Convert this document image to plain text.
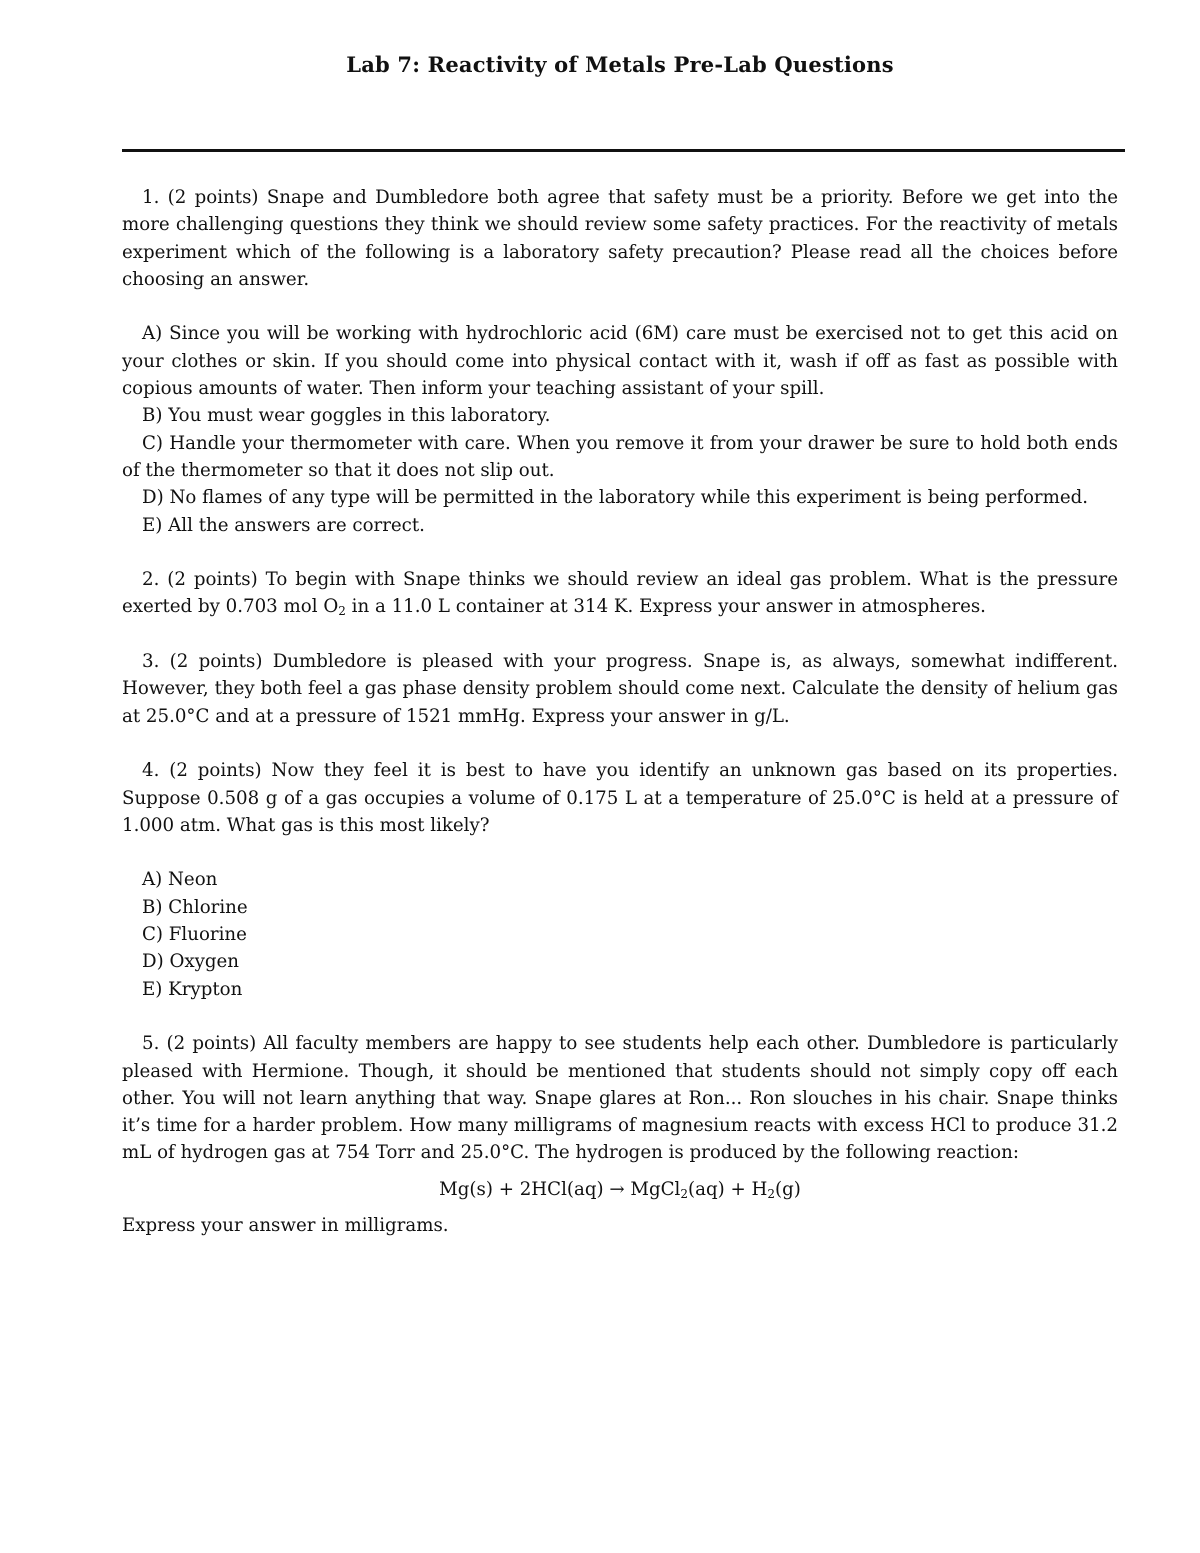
Lab 7: Reactivity of Metals Pre-Lab Questions

1. (2 points) Snape and Dumbledore both agree that safety must be a priority. Before we get into the more challenging questions they think we should review some safety practices. For the reactivity of metals experiment which of the following is a laboratory safety precaution? Please read all the choices before choosing an answer.

A) Since you will be working with hydrochloric acid (6M) care must be exercised not to get this acid on your clothes or skin. If you should come into physical contact with it, wash if off as fast as possible with copious amounts of water. Then inform your teaching assistant of your spill.

B) You must wear goggles in this laboratory.

C) Handle your thermometer with care. When you remove it from your drawer be sure to hold both ends of the thermometer so that it does not slip out.

D) No flames of any type will be permitted in the laboratory while this experiment is being performed.

E) All the answers are correct.

2. (2 points) To begin with Snape thinks we should review an ideal gas problem. What is the pressure exerted by 0.703 mol $O_2$ in a 11.0 L container at 314 K. Express your answer in atmospheres.

3. (2 points) Dumbledore is pleased with your progress. Snape is, as always, somewhat indifferent. However, they both feel a gas phase density problem should come next. Calculate the density of helium gas at 25.0°C and at a pressure of 1521 mmHg. Express your answer in g/L.

4. (2 points) Now they feel it is best to have you identify an unknown gas based on its properties. Suppose 0.508 g of a gas occupies a volume of 0.175 L at a temperature of 25.0°C is held at a pressure of 1.000 atm. What gas is this most likely?

A) Neon

B) Chlorine

C) Fluorine

D) Oxygen

E) Krypton

5. (2 points) All faculty members are happy to see students help each other. Dumbledore is particularly pleased with Hermione. Though, it should be mentioned that students should not simply copy off each other. You will not learn anything that way. Snape glares at Ron... Ron slouches in his chair. Snape thinks it’s time for a harder problem. How many milligrams of magnesium reacts with excess HCl to produce 31.2 mL of hydrogen gas at 754 Torr and 25.0°C. The hydrogen is produced by the following reaction:

Mg(s) + 2HCl(aq) → MgCl$_2$(aq) + $H_2(g)$

Express your answer in milligrams.
